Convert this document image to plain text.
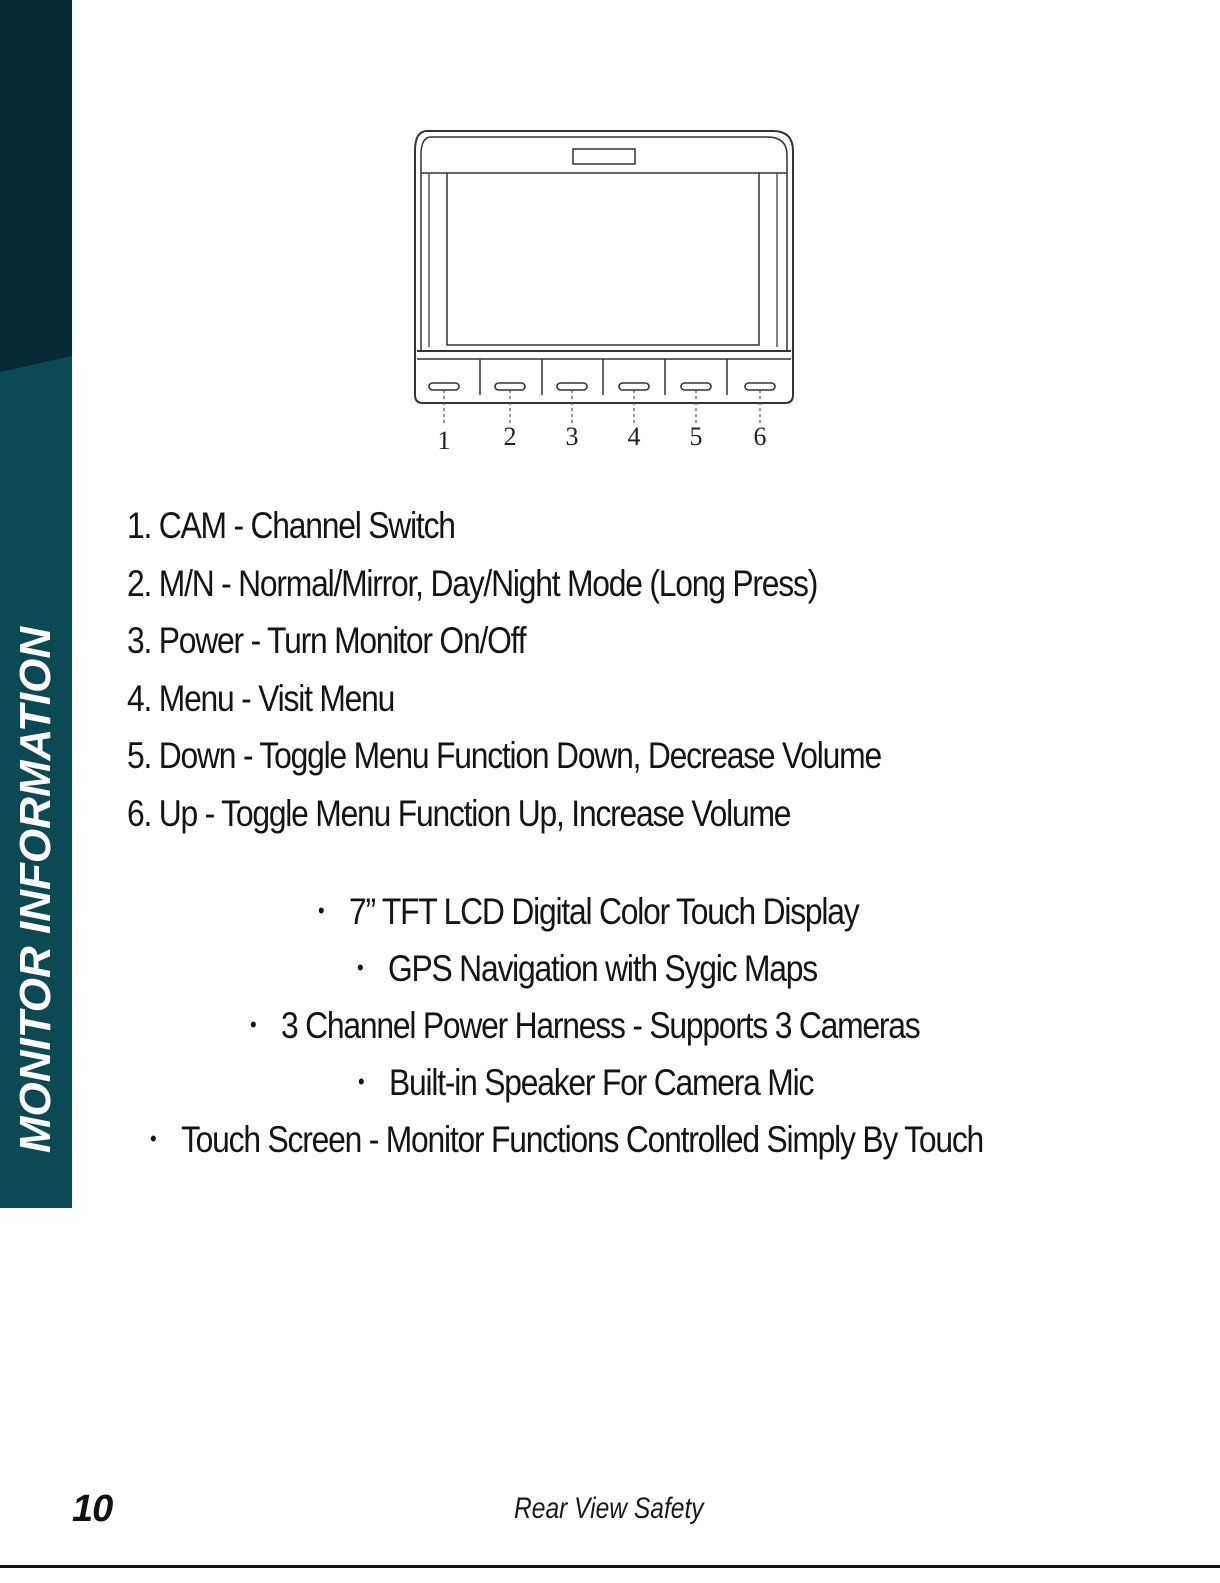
MONITOR INFORMATION
1 2 3 4 5 6
1. CAM - Channel Switch
2. M/N - Normal/Mirror, Day/Night Mode (Long Press)
3. Power - Turn Monitor On/Off
4. Menu - Visit Menu
5. Down - Toggle Menu Function Down, Decrease Volume
6. Up - Toggle Menu Function Up, Increase Volume
• 7” TFT LCD Digital Color Touch Display
• GPS Navigation with Sygic Maps
• 3 Channel Power Harness - Supports 3 Cameras
• Built-in Speaker For Camera Mic
• Touch Screen - Monitor Functions Controlled Simply By Touch
10	Rear View Safety
